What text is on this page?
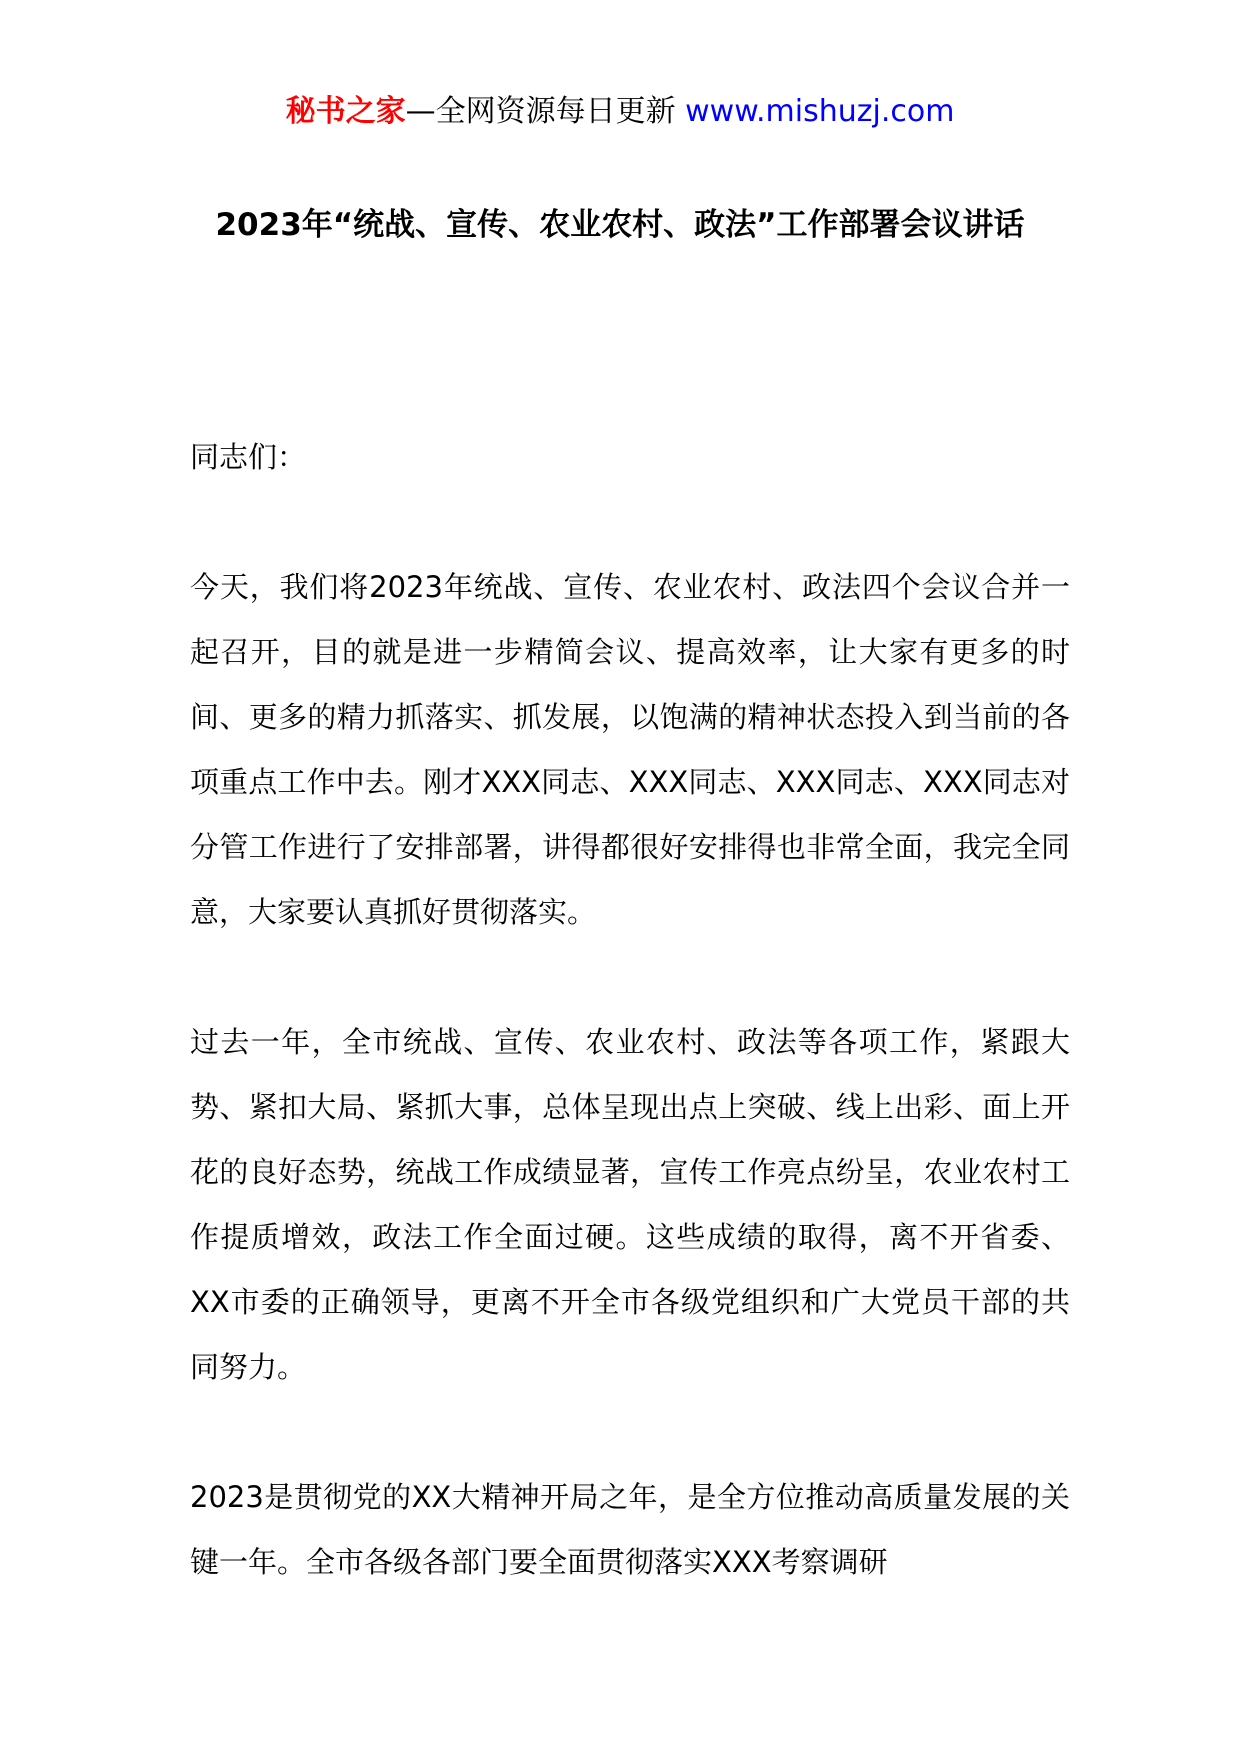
秘书之家—全网资源每日更新 www.mishuzj.com
2023年“统战、宣传、农业农村、政法”工作部署会议讲话

同志们：

今天，我们将2023年统战、宣传、农业农村、政法四个会议合并一起召开，目的就是进一步精简会议、提高效率，让大家有更多的时间、更多的精力抓落实、抓发展，以饱满的精神状态投入到当前的各项重点工作中去。刚才XXX同志、XXX同志、XXX同志、XXX同志对分管工作进行了安排部署，讲得都很好安排得也非常全面，我完全同意，大家要认真抓好贯彻落实。

过去一年，全市统战、宣传、农业农村、政法等各项工作，紧跟大势、紧扣大局、紧抓大事，总体呈现出点上突破、线上出彩、面上开花的良好态势，统战工作成绩显著，宣传工作亮点纷呈，农业农村工作提质增效，政法工作全面过硬。这些成绩的取得，离不开省委、XX市委的正确领导，更离不开全市各级党组织和广大党员干部的共同努力。

2023是贯彻党的XX大精神开局之年，是全方位推动高质量发展的关键一年。全市各级各部门要全面贯彻落实XXX考察调研
